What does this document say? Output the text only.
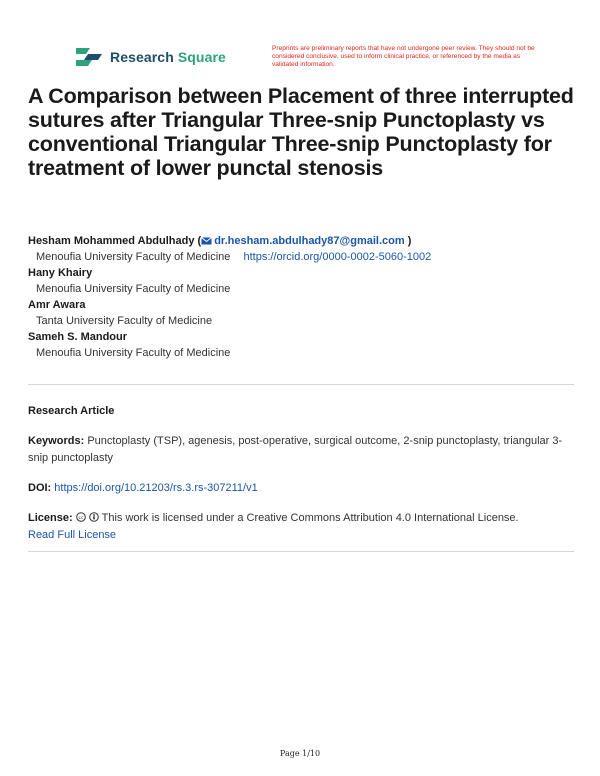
Research Square
Preprints are preliminary reports that have not undergone peer review. They should not be considered conclusive, used to inform clinical practice, or referenced by the media as validated information.
A Comparison between Placement of three interrupted sutures after Triangular Three-snip Punctoplasty vs conventional Triangular Three-snip Punctoplasty for treatment of lower punctal stenosis
Hesham Mohammed Abdulhady ( dr.hesham.abdulhady87@gmail.com )
Menoufia University Faculty of Medicine https://orcid.org/0000-0002-5060-1002
Hany Khairy
Menoufia University Faculty of Medicine
Amr Awara
Tanta University Faculty of Medicine
Sameh S. Mandour
Menoufia University Faculty of Medicine
Research Article
Keywords: Punctoplasty (TSP), agenesis, post-operative, surgical outcome, 2-snip punctoplasty, triangular 3-snip punctoplasty
DOI: https://doi.org/10.21203/rs.3.rs-307211/v1
License: cc This work is licensed under a Creative Commons Attribution 4.0 International License.
Read Full License
Page 1/10
